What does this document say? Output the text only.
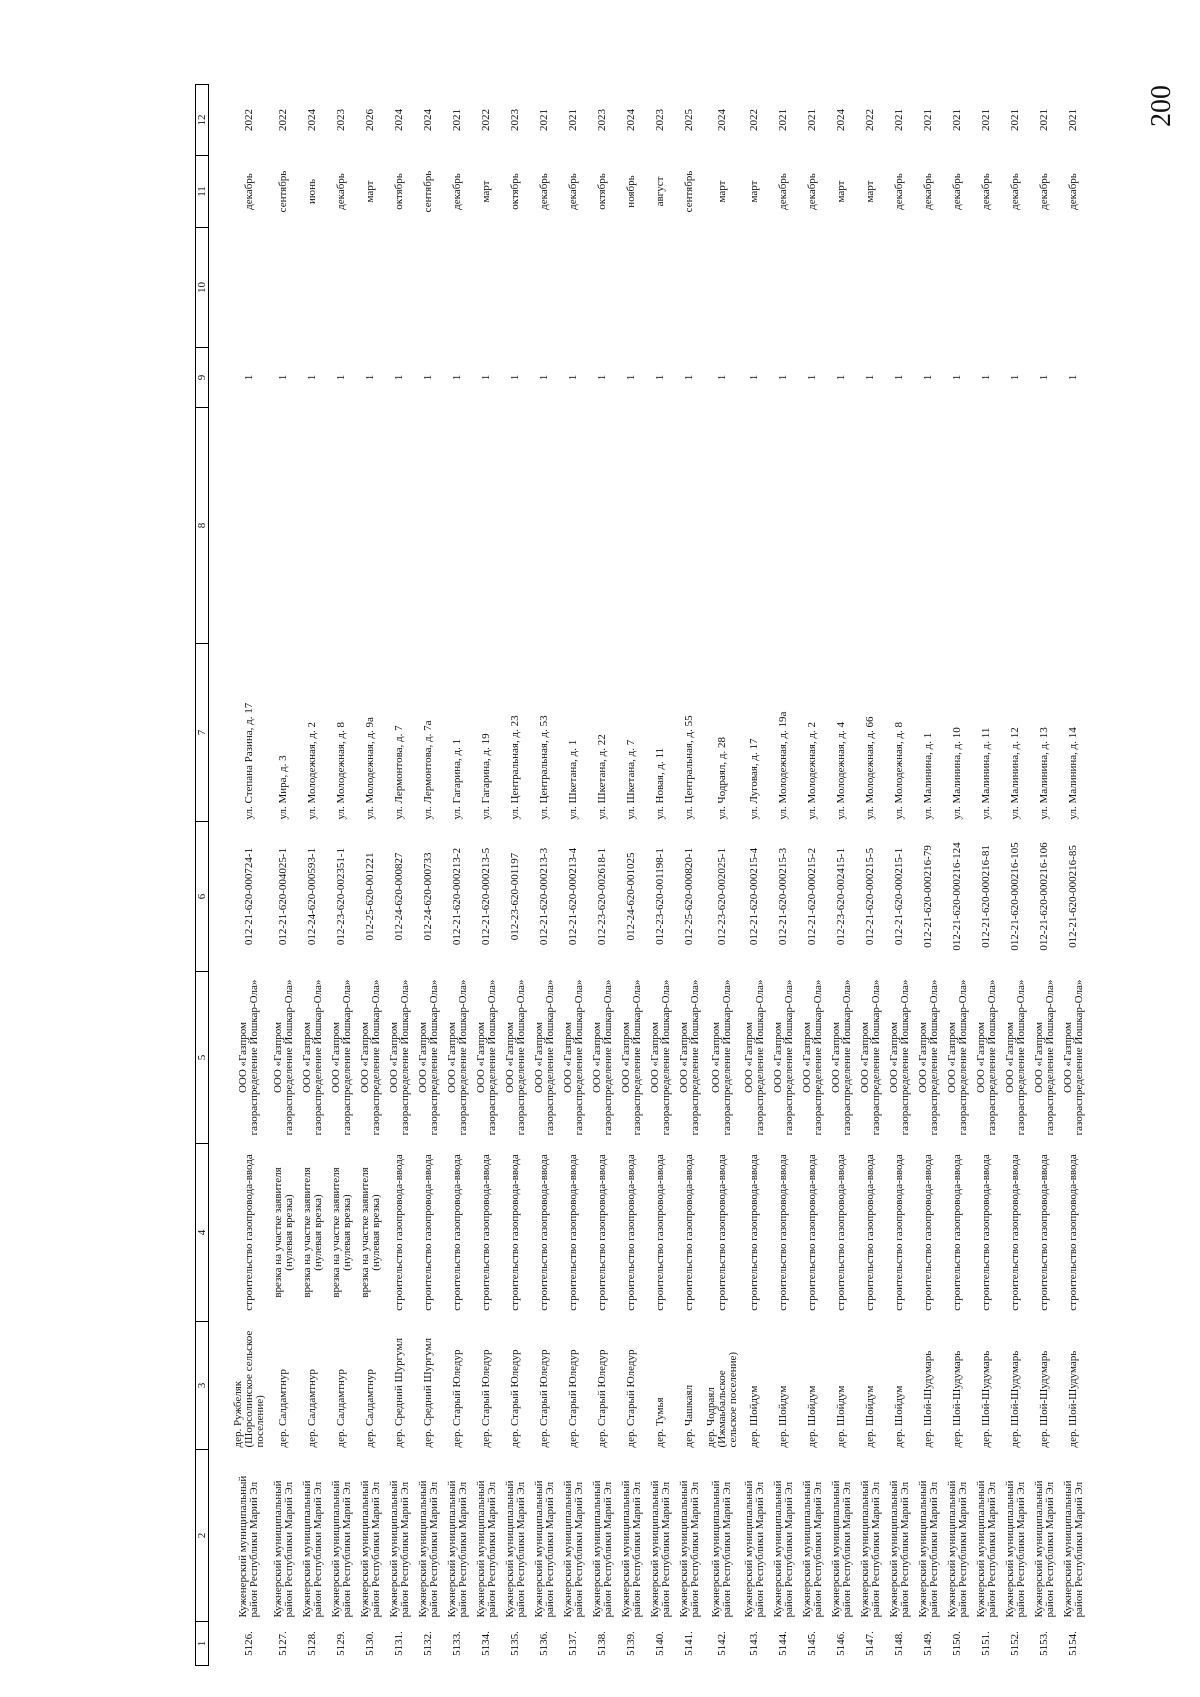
200
1	2	3	4	5	6	7	8	9	10	11	12
5126.	Куженерский муниципальный
район Республики Марий Эл	дер. Ружбеляк
(Шорсолинское сельское
поселение)	строительство газопровода-ввода	ООО «Газпром
газораспределение Йошкар-Ола»	012-21-620-000724-1	ул. Степана Разина, д. 17		1		декабрь	2022
5127.	Кужнерский муниципальный
район Республики Марий Эл	дер. Салдамтнур	врезка на участке заявителя
(нулевая врезка)	ООО «Газпром
газораспределение Йошкар-Ола»	012-21-620-004025-1	ул. Мира, д. 3		1		сентябрь	2022
5128.	Кужнерский муниципальный
район Республики Марий Эл	дер. Салдамтнур	врезка на участке заявителя
(нулевая врезка)	ООО «Газпром
газораспределение Йошкар-Ола»	012-24-620-000593-1	ул. Молодежная, д. 2		1		июнь	2024
5129.	Кужнерский муниципальный
район Республики Марий Эл	дер. Салдамтнур	врезка на участке заявителя
(нулевая врезка)	ООО «Газпром
газораспределение Йошкар-Ола»	012-23-620-002351-1	ул. Молодежная, д. 8		1		декабрь	2023
5130.	Кужнерский муниципальный
район Республики Марий Эл	дер. Салдамтнур	врезка на участке заявителя
(нулевая врезка)	ООО «Газпром
газораспределение Йошкар-Ола»	012-25-620-001221	ул. Молодежная, д. 9а		1		март	2026
5131.	Кужнерский муниципальный
район Республики Марий Эл	дер. Средний Шургумл	строительство газопровода-ввода	ООО «Газпром
газораспределение Йошкар-Ола»	012-24-620-000827	ул. Лермонтова, д. 7		1		октябрь	2024
5132.	Кужнерский муниципальный
район Республики Марий Эл	дер. Средний Шургумл	строительство газопровода-ввода	ООО «Газпром
газораспределение Йошкар-Ола»	012-24-620-000733	ул. Лермонтова, д. 7а		1		сентябрь	2024
5133.	Кужнерский муниципальный
район Республики Марий Эл	дер. Старый Юледур	строительство газопровода-ввода	ООО «Газпром
газораспределение Йошкар-Ола»	012-21-620-000213-2	ул. Гагарина, д. 1		1		декабрь	2021
5134.	Кужнерский муниципальный
район Республики Марий Эл	дер. Старый Юледур	строительство газопровода-ввода	ООО «Газпром
газораспределение Йошкар-Ола»	012-21-620-000213-5	ул. Гагарина, д. 19		1		март	2022
5135.	Кужнерский муниципальный
район Республики Марий Эл	дер. Старый Юледур	строительство газопровода-ввода	ООО «Газпром
газораспределение Йошкар-Ола»	012-23-620-001197	ул. Центральная, д. 23		1		октябрь	2023
5136.	Кужнерский муниципальный
район Республики Марий Эл	дер. Старый Юледур	строительство газопровода-ввода	ООО «Газпром
газораспределение Йошкар-Ола»	012-21-620-000213-3	ул. Центральная, д. 53		1		декабрь	2021
5137.	Кужнерский муниципальный
район Республики Марий Эл	дер. Старый Юледур	строительство газопровода-ввода	ООО «Газпром
газораспределение Йошкар-Ола»	012-21-620-000213-4	ул. Шкетана, д. 1		1		декабрь	2021
5138.	Кужнерский муниципальный
район Республики Марий Эл	дер. Старый Юледур	строительство газопровода-ввода	ООО «Газпром
газораспределение Йошкар-Ола»	012-23-620-002618-1	ул. Шкетана, д. 22		1		октябрь	2023
5139.	Кужнерский муниципальный
район Республики Марий Эл	дер. Старый Юледур	строительство газопровода-ввода	ООО «Газпром
газораспределение Йошкар-Ола»	012-24-620-001025	ул. Шкетана, д. 7		1		ноябрь	2024
5140.	Кужнерский муниципальный
район Республики Марий Эл	дер. Тумья	строительство газопровода-ввода	ООО «Газпром
газораспределение Йошкар-Ола»	012-23-620-001198-1	ул. Новая, д. 11		1		август	2023
5141.	Кужнерский муниципальный
район Республики Марий Эл	дер. Чашкаял	строительство газопровода-ввода	ООО «Газпром
газораспределение Йошкар-Ола»	012-25-620-000820-1	ул. Центральная, д. 55		1		сентябрь	2025
5142.	Кужнерский муниципальный
район Республики Марий Эл	дер. Чодраял
(Ижмаьбальское
сельское поселение)	строительство газопровода-ввода	ООО «Газпром
газораспределение Йошкар-Ола»	012-23-620-002025-1	ул. Чодраял, д. 28		1		март	2024
5143.	Кужнерский муниципальный
район Республики Марий Эл	дер. Шойдум	строительство газопровода-ввода	ООО «Газпром
газораспределение Йошкар-Ола»	012-21-620-000215-4	ул. Луговая, д. 17		1		март	2022
5144.	Кужнерский муниципальный
район Республики Марий Эл	дер. Шойдум	строительство газопровода-ввода	ООО «Газпром
газораспределение Йошкар-Ола»	012-21-620-000215-3	ул. Молодежная, д. 19а		1		декабрь	2021
5145.	Кужнерский муниципальный
район Республики Марий Эл	дер. Шойдум	строительство газопровода-ввода	ООО «Газпром
газораспределение Йошкар-Ола»	012-21-620-000215-2	ул. Молодежная, д. 2		1		декабрь	2021
5146.	Кужнерский муниципальный
район Республики Марий Эл	дер. Шойдум	строительство газопровода-ввода	ООО «Газпром
газораспределение Йошкар-Ола»	012-23-620-002415-1	ул. Молодежная, д. 4		1		март	2024
5147.	Кужнерский муниципальный
район Республики Марий Эл	дер. Шойдум	строительство газопровода-ввода	ООО «Газпром
газораспределение Йошкар-Ола»	012-21-620-000215-5	ул. Молодежная, д. 66		1		март	2022
5148.	Кужнерский муниципальный
район Республики Марий Эл	дер. Шойдум	строительство газопровода-ввода	ООО «Газпром
газораспределение Йошкар-Ола»	012-21-620-000215-1	ул. Молодежная, д. 8		1		декабрь	2021
5149.	Кужнерский муниципальный
район Республики Марий Эл	дер. Шой-Шудумарь	строительство газопровода-ввода	ООО «Газпром
газораспределение Йошкар-Ола»	012-21-620-000216-79	ул. Малинина, д. 1		1		декабрь	2021
5150.	Кужнерский муниципальный
район Республики Марий Эл	дер. Шой-Шудумарь	строительство газопровода-ввода	ООО «Газпром
газораспределение Йошкар-Ола»	012-21-620-000216-124	ул. Малинина, д. 10		1		декабрь	2021
5151.	Кужнерский муниципальный
район Республики Марий Эл	дер. Шой-Шудумарь	строительство газопровода-ввода	ООО «Газпром
газораспределение Йошкар-Ола»	012-21-620-000216-81	ул. Малинина, д. 11		1		декабрь	2021
5152.	Кужнерский муниципальный
район Республики Марий Эл	дер. Шой-Шудумарь	строительство газопровода-ввода	ООО «Газпром
газораспределение Йошкар-Ола»	012-21-620-000216-105	ул. Малинина, д. 12		1		декабрь	2021
5153.	Кужнерский муниципальный
район Республики Марий Эл	дер. Шой-Шудумарь	строительство газопровода-ввода	ООО «Газпром
газораспределение Йошкар-Ола»	012-21-620-000216-106	ул. Малинина, д. 13		1		декабрь	2021
5154.	Кужнерский муниципальный
район Республики Марий Эл	дер. Шой-Шудумарь	строительство газопровода-ввода	ООО «Газпром
газораспределение Йошкар-Ола»	012-21-620-000216-85	ул. Малинина, д. 14		1		декабрь	2021
